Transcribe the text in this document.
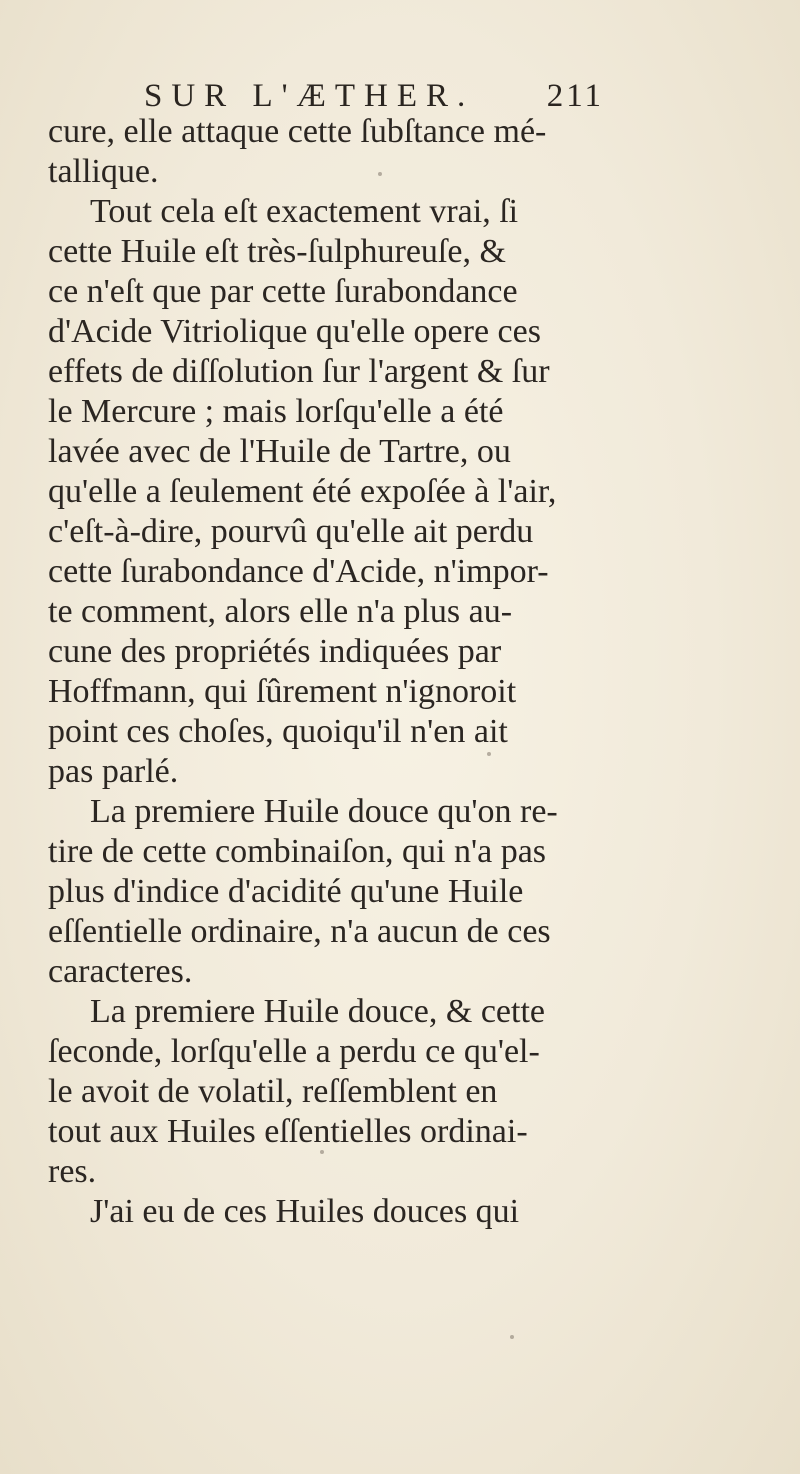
SUR L'ÆTHER. 211
cure, elle attaque cette ſubſtance mé-
tallique.
Tout cela eſt exactement vrai, ſi
cette Huile eſt très-ſulphureuſe, &
ce n'eſt que par cette ſurabondance
d'Acide Vitriolique qu'elle opere ces
effets de diſſolution ſur l'argent & ſur
le Mercure ; mais lorſqu'elle a été
lavée avec de l'Huile de Tartre, ou
qu'elle a ſeulement été expoſée à l'air,
c'eſt-à-dire, pourvû qu'elle ait perdu
cette ſurabondance d'Acide, n'impor-
te comment, alors elle n'a plus au-
cune des propriétés indiquées par
Hoffmann, qui ſûrement n'ignoroit
point ces choſes, quoiqu'il n'en ait
pas parlé.
La premiere Huile douce qu'on re-
tire de cette combinaiſon, qui n'a pas
plus d'indice d'acidité qu'une Huile
eſſentielle ordinaire, n'a aucun de ces
caracteres.
La premiere Huile douce, & cette
ſeconde, lorſqu'elle a perdu ce qu'el-
le avoit de volatil, reſſemblent en
tout aux Huiles eſſentielles ordinai-
res.
J'ai eu de ces Huiles douces qui
